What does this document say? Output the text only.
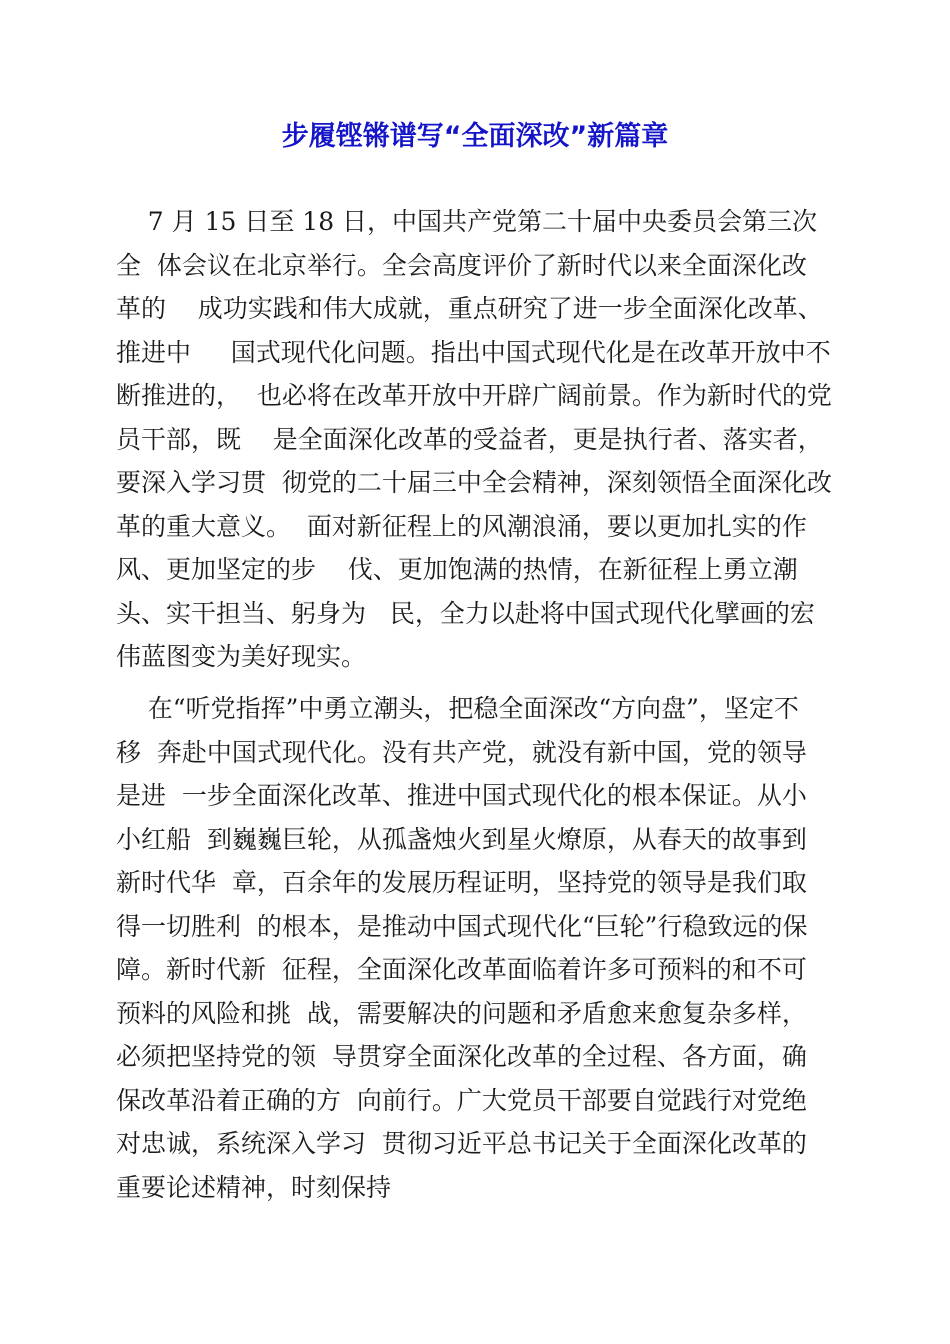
步履铿锵谱写“全面深改”新篇章
7 月 15 日至 18 日，中国共产党第二十届中央委员会第三次
全  体会议在北京举行。全会高度评价了新时代以来全面深化改
革的    成功实践和伟大成就，重点研究了进一步全面深化改革、
推进中     国式现代化问题。指出中国式现代化是在改革开放中不
断推进的，  也必将在改革开放中开辟广阔前景。作为新时代的党
员干部，既    是全面深化改革的受益者，更是执行者、落实者，
要深入学习贯  彻党的二十届三中全会精神，深刻领悟全面深化改
革的重大意义。  面对新征程上的风潮浪涌，要以更加扎实的作
风、更加坚定的步    伐、更加饱满的热情，在新征程上勇立潮
头、实干担当、躬身为   民，全力以赴将中国式现代化擘画的宏
伟蓝图变为美好现实。
在“听党指挥”中勇立潮头，把稳全面深改“方向盘”，坚定不
移  奔赴中国式现代化。没有共产党，就没有新中国，党的领导
是进  一步全面深化改革、推进中国式现代化的根本保证。从小
小红船  到巍巍巨轮，从孤盏烛火到星火燎原，从春天的故事到
新时代华  章，百余年的发展历程证明，坚持党的领导是我们取
得一切胜利  的根本，是推动中国式现代化“巨轮”行稳致远的保
障。新时代新  征程，全面深化改革面临着许多可预料的和不可
预料的风险和挑  战，需要解决的问题和矛盾愈来愈复杂多样，
必须把坚持党的领  导贯穿全面深化改革的全过程、各方面，确
保改革沿着正确的方  向前行。广大党员干部要自觉践行对党绝
对忠诚，系统深入学习  贯彻习近平总书记关于全面深化改革的
重要论述精神，时刻保持
